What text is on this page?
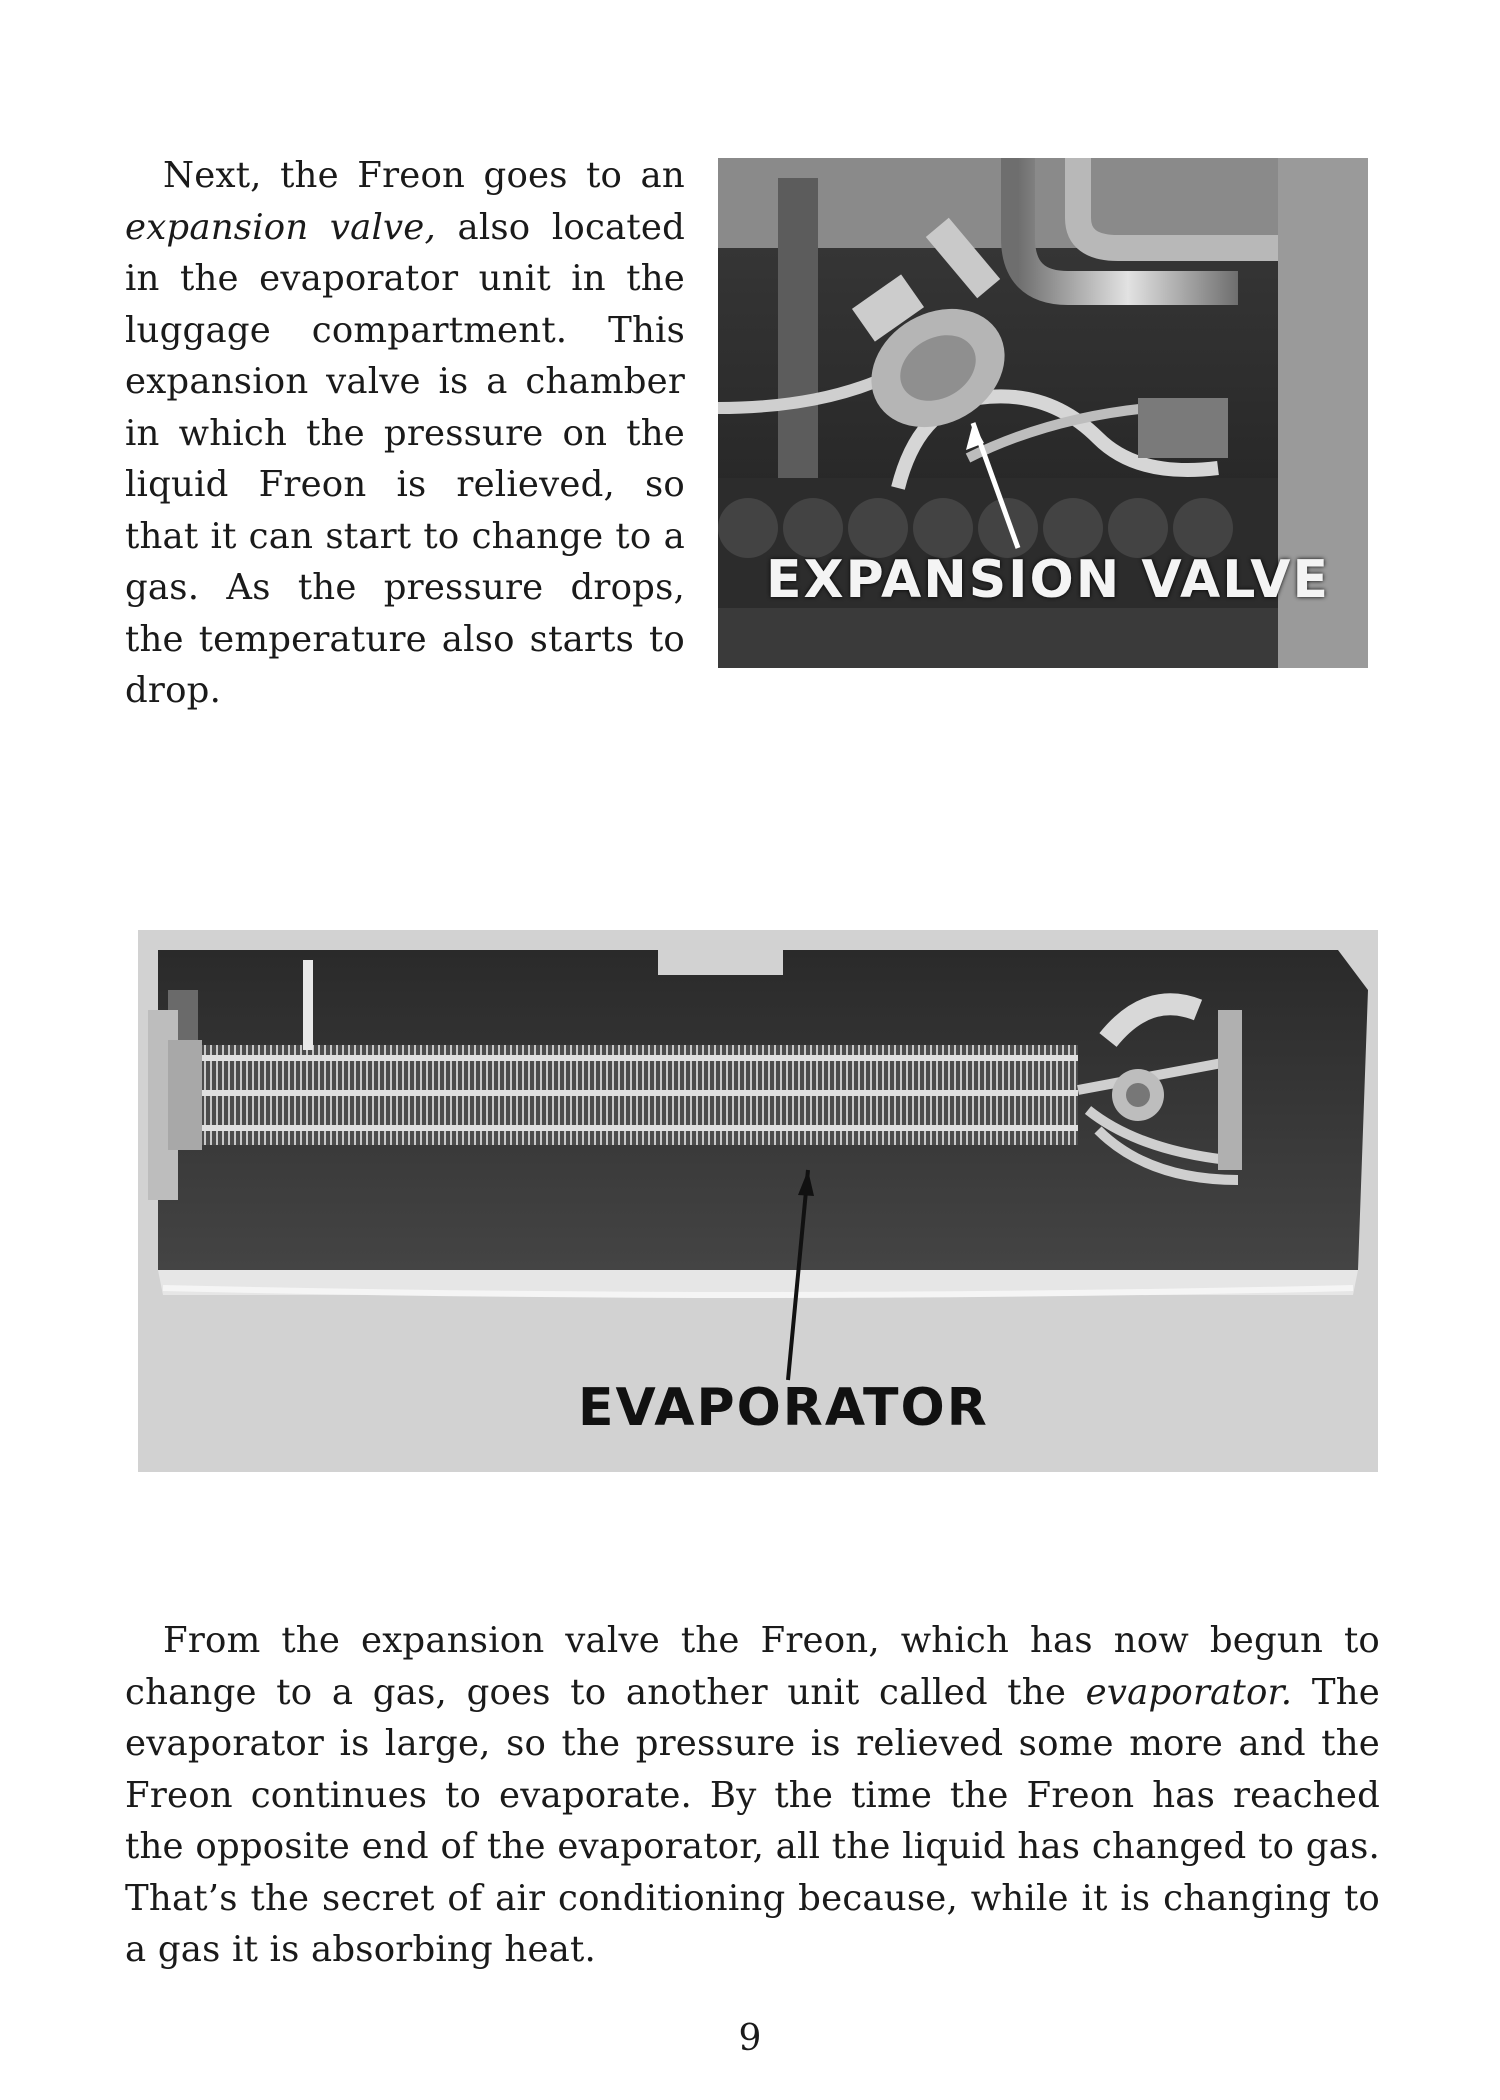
Next, the Freon goes to an expansion valve, also located in the evaporator unit in the luggage compartment. This expansion valve is a chamber in which the pressure on the liquid Freon is relieved, so that it can start to change to a gas. As the pressure drops, the temperature also starts to drop.

EXPANSION VALVE
EVAPORATOR

From the expansion valve the Freon, which has now begun to change to a gas, goes to another unit called the evaporator. The evaporator is large, so the pressure is relieved some more and the Freon continues to evaporate. By the time the Freon has reached the opposite end of the evaporator, all the liquid has changed to gas. That’s the secret of air conditioning because, while it is changing to a gas it is absorbing heat.

9
